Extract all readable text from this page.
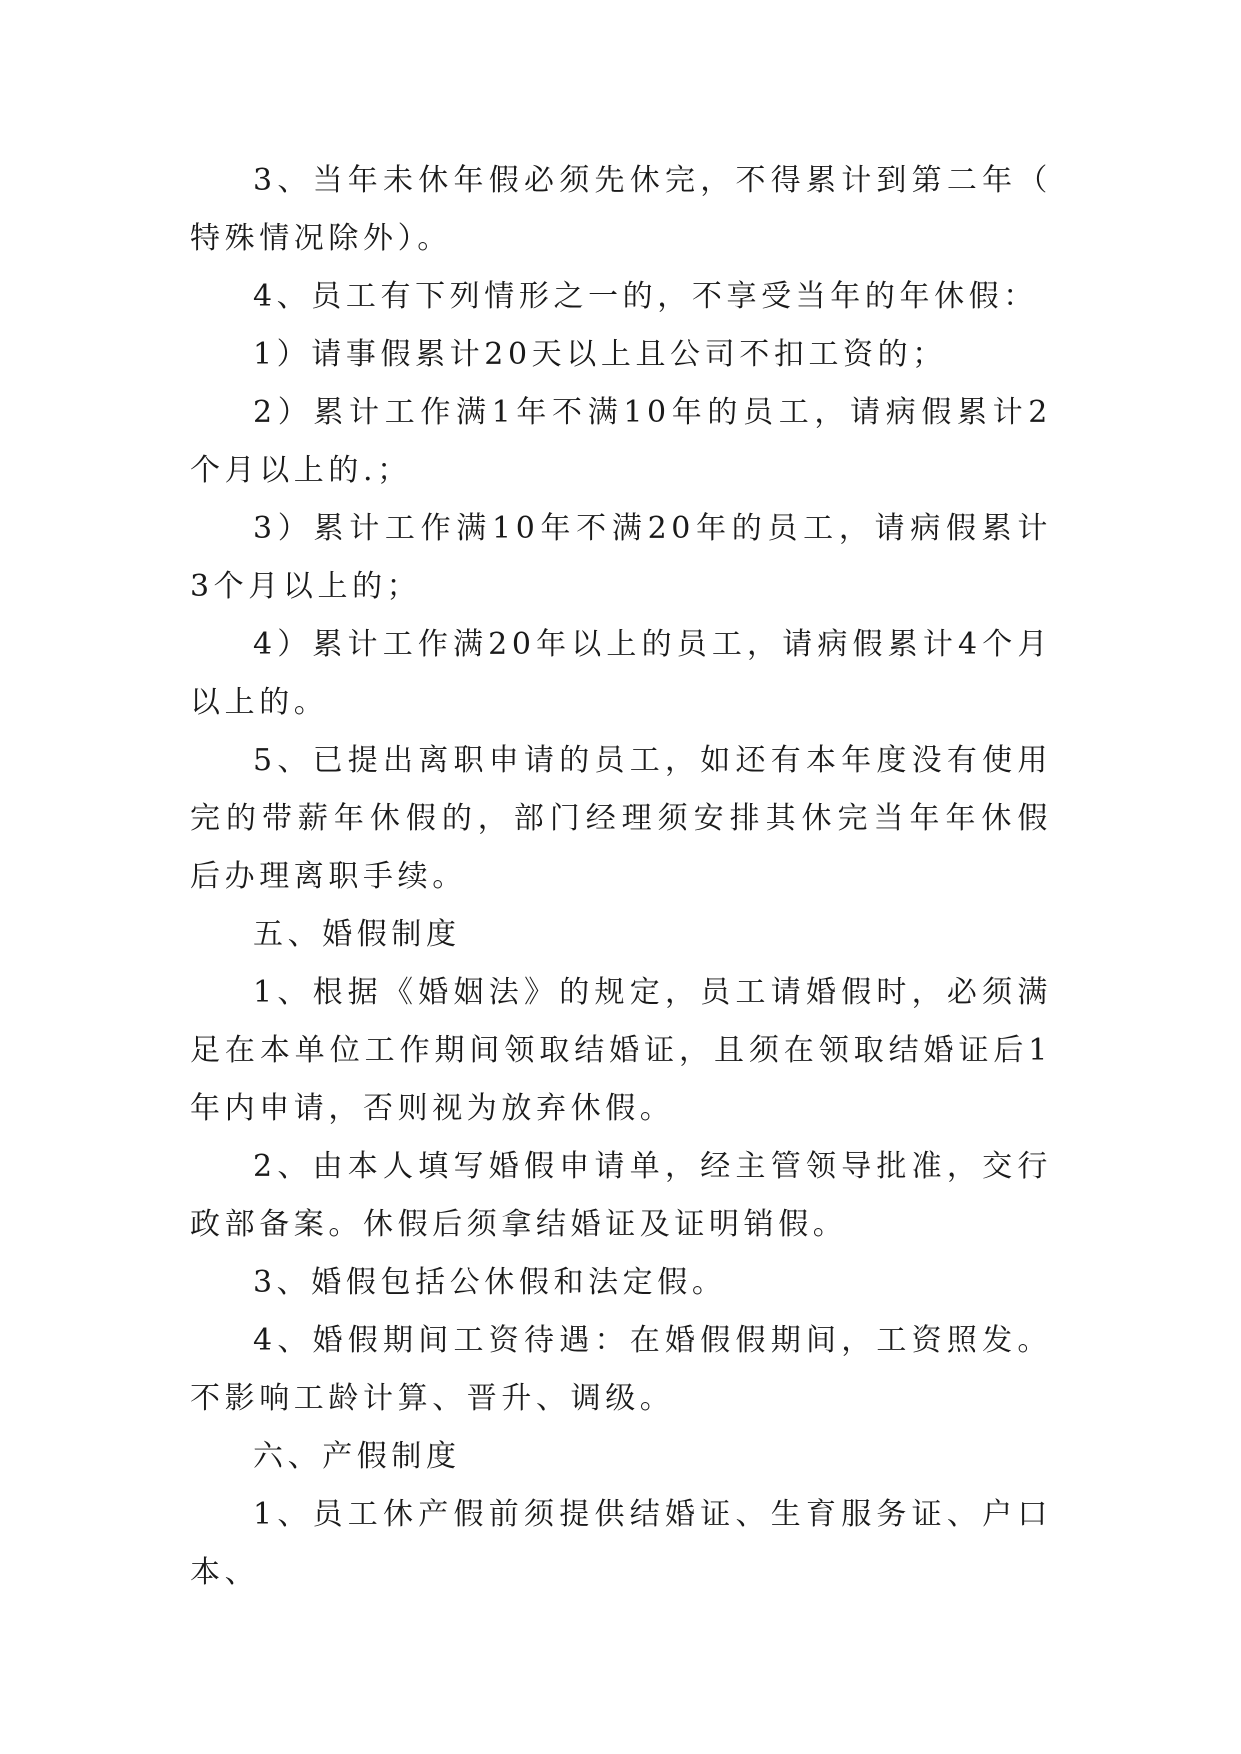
3、当年未休年假必须先休完，不得累计到第二年（特殊情况除外）。

4、员工有下列情形之一的，不享受当年的年休假：

1）请事假累计20天以上且公司不扣工资的；

2）累计工作满1年不满10年的员工，请病假累计2个月以上的.；

3）累计工作满10年不满20年的员工，请病假累计3个月以上的；

4）累计工作满20年以上的员工，请病假累计4个月以上的。

5、已提出离职申请的员工，如还有本年度没有使用完的带薪年休假的，部门经理须安排其休完当年年休假后办理离职手续。

五、婚假制度

1、根据《婚姻法》的规定，员工请婚假时，必须满足在本单位工作期间领取结婚证，且须在领取结婚证后1年内申请，否则视为放弃休假。

2、由本人填写婚假申请单，经主管领导批准，交行政部备案。休假后须拿结婚证及证明销假。

3、婚假包括公休假和法定假。

4、婚假期间工资待遇：在婚假假期间，工资照发。不影响工龄计算、晋升、调级。

六、产假制度

1、员工休产假前须提供结婚证、生育服务证、户口本、
